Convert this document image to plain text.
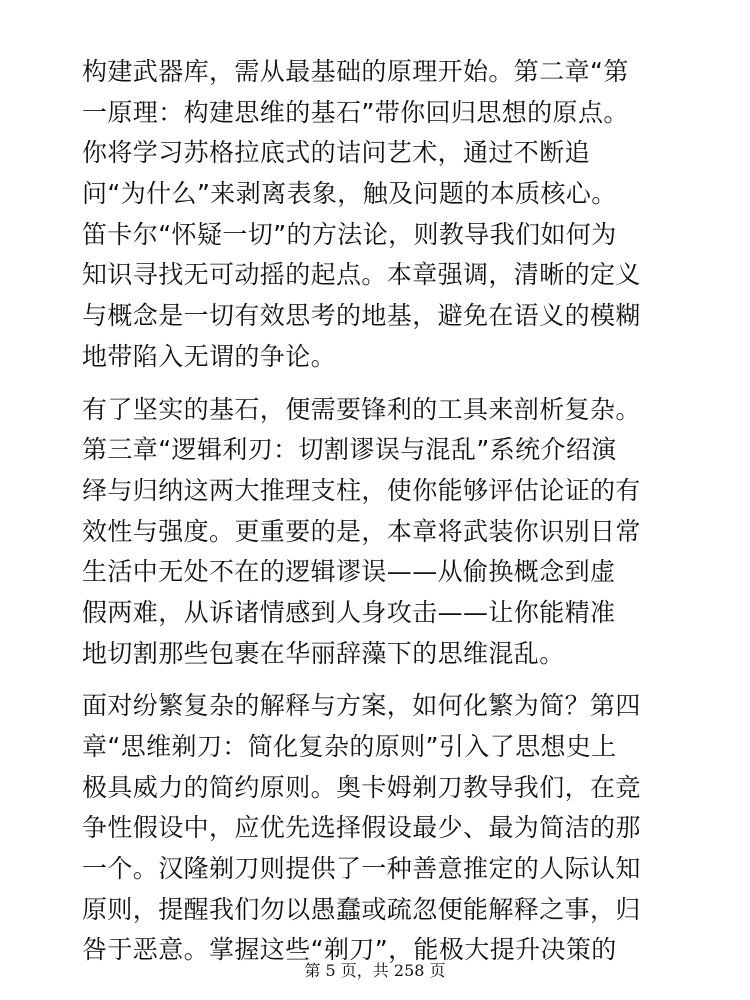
构建武器库，需从最基础的原理开始。第二章“第
一原理：构建思维的基石”带你回归思想的原点。
你将学习苏格拉底式的诘问艺术，通过不断追
问“为什么”来剥离表象，触及问题的本质核心。
笛卡尔“怀疑一切”的方法论，则教导我们如何为
知识寻找无可动摇的起点。本章强调，清晰的定义
与概念是一切有效思考的地基，避免在语义的模糊
地带陷入无谓的争论。
有了坚实的基石，便需要锋利的工具来剖析复杂。
第三章“逻辑利刃：切割谬误与混乱”系统介绍演
绎与归纳这两大推理支柱，使你能够评估论证的有
效性与强度。更重要的是，本章将武装你识别日常
生活中无处不在的逻辑谬误——从偷换概念到虚
假两难，从诉诸情感到人身攻击——让你能精准
地切割那些包裹在华丽辞藻下的思维混乱。
面对纷繁复杂的解释与方案，如何化繁为简？第四
章“思维剃刀：简化复杂的原则”引入了思想史上
极具威力的简约原则。奥卡姆剃刀教导我们，在竞
争性假设中，应优先选择假设最少、最为简洁的那
一个。汉隆剃刀则提供了一种善意推定的人际认知
原则，提醒我们勿以愚蠢或疏忽便能解释之事，归
咎于恶意。掌握这些“剃刀”，能极大提升决策的
第 5 页，共 258 页
